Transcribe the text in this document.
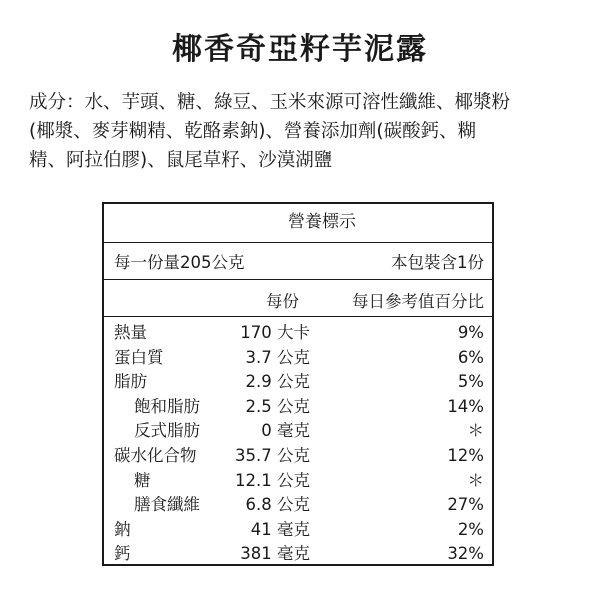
椰香奇亞籽芋泥露
成分：水、芋頭、糖、綠豆、玉米來源可溶性纖維、椰漿粉
(椰漿、麥芽糊精、乾酪素鈉)、營養添加劑(碳酸鈣、糊
精、阿拉伯膠)、鼠尾草籽、沙漠湖鹽
營養標示
每一份量205公克	本包裝含1份
每份	每日參考值百分比
熱量	170 大卡	9%
蛋白質	3.7 公克	6%
脂肪	2.9 公克	5%
飽和脂肪	2.5 公克	14%
反式脂肪	0 毫克	＊
碳水化合物 35.7 公克	12%
糖	12.1 公克	＊
膳食纖維	6.8 公克	27%
鈉	41 毫克	2%
鈣	381 毫克	32%
